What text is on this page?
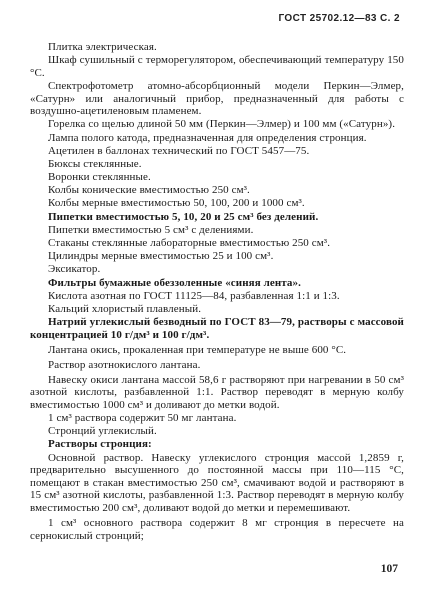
ГОСТ 25702.12—83 С. 2

Плитка электрическая.

Шкаф сушильный с терморегулятором, обеспечивающий температуру 150 °С.

Спектрофотометр атомно-абсорбционный модели Перкин—Элмер, «Сатурн» или аналогичный прибор, предназначенный для работы с воздушно-ацетиленовым пламенем.

Горелка со щелью длиной 50 мм (Перкин—Элмер) и 100 мм («Сатурн»).

Лампа полого катода, предназначенная для определения стронция.

Ацетилен в баллонах технический по ГОСТ 5457—75.

Бюксы стеклянные.

Воронки стеклянные.

Колбы конические вместимостью 250 см³.

Колбы мерные вместимостью 50, 100, 200 и 1000 см³.

Пипетки вместимостью 5, 10, 20 и 25 см³ без делений.

Пипетки вместимостью 5 см³ с делениями.

Стаканы стеклянные лабораторные вместимостью 250 см³.

Цилиндры мерные вместимостью 25 и 100 см³.

Эксикатор.

Фильтры бумажные обеззоленные «синяя лента».

Кислота азотная по ГОСТ 11125—84, разбавленная 1:1 и 1:3.

Кальций хлористый плавленый.

Натрий углекислый безводный по ГОСТ 83—79, растворы с массовой концентрацией 10 г/дм³ и 100 г/дм³.

Лантана окись, прокаленная при температуре не выше 600 °С.

Раствор азотнокислого лантана.

Навеску окиси лантана массой 58,6 г растворяют при нагревании в 50 см³ азотной кислоты, разбавленной 1:1. Раствор переводят в мерную колбу вместимостью 1000 см³ и доливают до метки водой.

1 см³ раствора содержит 50 мг лантана.

Стронций углекислый.

Растворы стронция:

Основной раствор. Навеску углекислого стронция массой 1,2859 г, предварительно высушенного до постоянной массы при 110—115 °С, помещают в стакан вместимостью 250 см³, смачивают водой и растворяют в 15 см³ азотной кислоты, разбавленной 1:3. Раствор переводят в мерную колбу вместимостью 200 см³, доливают водой до метки и перемешивают.

1 см³ основного раствора содержит 8 мг стронция в пересчете на сернокислый стронций;

107
